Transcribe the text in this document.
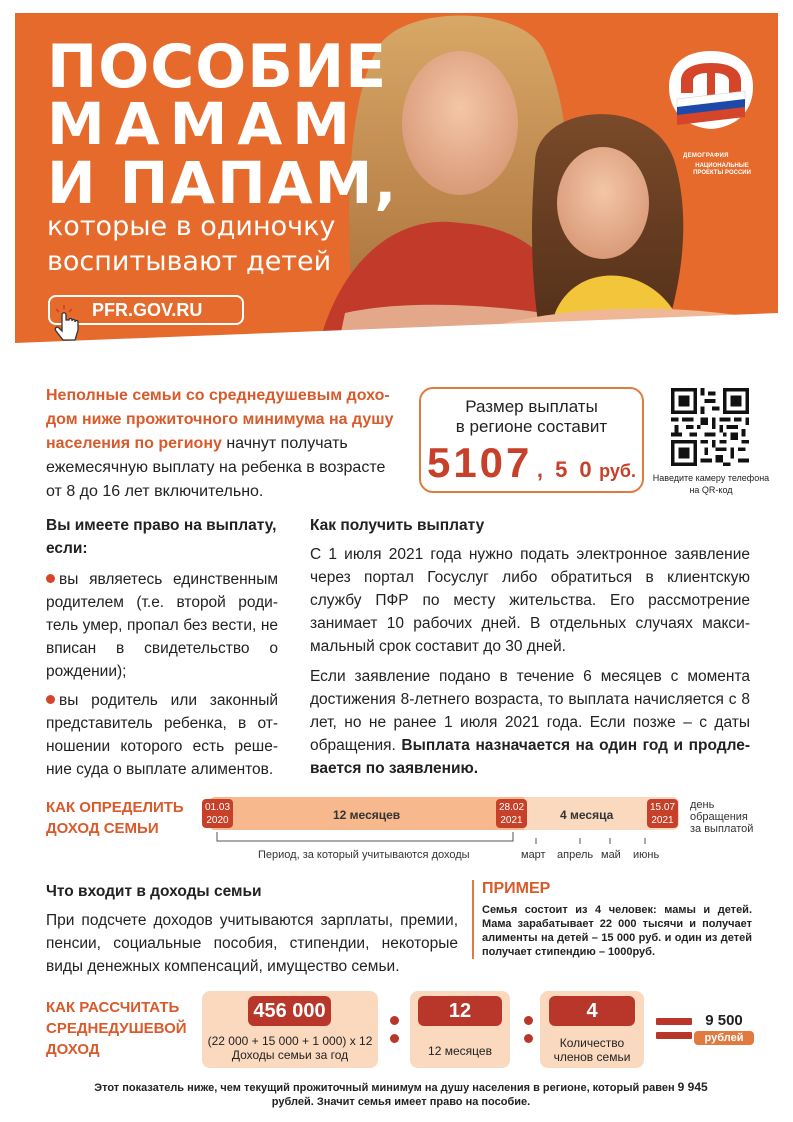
ПОСОБИЕ
МАМАМ
И ПАПАМ,
которые в одиночку
воспитывают детей
PFR.GOV.RU
ДЕМОГРАФИЯ
НАЦИОНАЛЬНЫЕ ПРОЕКТЫ РОССИИ
Неполные семьи со среднедушевым доходом ниже прожиточного минимума на душу населения по региону начнут получать ежемесячную выплату на ребенка в возрасте от 8 до 16 лет включительно.
Размер выплаты
в регионе составит
5107 , 5 0 руб.	Наведите камеру телефона на QR-код
Вы имеете право на выплату, если:

вы являетесь единственным родителем (т.е. второй родитель умер, пропал без вести, не вписан в свидетельство о рождении);

вы родитель или законный представитель ребенка, в отношении которого есть решение суда о выплате алиментов.

Как получить выплату

С 1 июля 2021 года нужно подать электронное заявление через портал Госуслуг либо обратиться в клиентскую службу ПФР по месту жительства. Его рассмотрение занимает 10 рабочих дней. В отдельных случаях максимальный срок составит до 30 дней.

Если заявление подано в течение 6 месяцев с момента достижения 8-летнего возраста, то выплата начисляется с 8 лет, но не ранее 1 июля 2021 года. Если позже – с даты обращения. Выплата назначается на один год и продлевается по заявлению.

КАК ОПРЕДЕЛИТЬ
ДОХОД СЕМЬИ
01.03
2020
28.02
2021
15.07
2021
12 месяцев	4 месяца
день
обращения
за выплатой
Период, за который учитываются доходы	март апрель май июнь
Что входит в доходы семьи

При подсчете доходов учитываются зарплаты, премии, пенсии, социальные пособия, стипендии, некоторые виды денежных компенсаций, имущество семьи.

ПРИМЕР

Семья состоит из 4 человек: мамы и детей. Мама зарабатывает 22 000 тысячи и получает алименты на детей – 15 000 руб. и один из детей получает стипендию – 1000руб.

КАК РАССЧИТАТЬ
СРЕДНЕДУШЕВОЙ
ДОХОД
456 000
(22 000 + 15 000 + 1 000) х 12
Доходы семьи за год
12
12 месяцев
4
Количество
членов семьи
9 500
рублей
Этот показатель ниже, чем текущий прожиточный минимум на душу населения в регионе, который равен 9 945
рублей. Значит семья имеет право на пособие.
